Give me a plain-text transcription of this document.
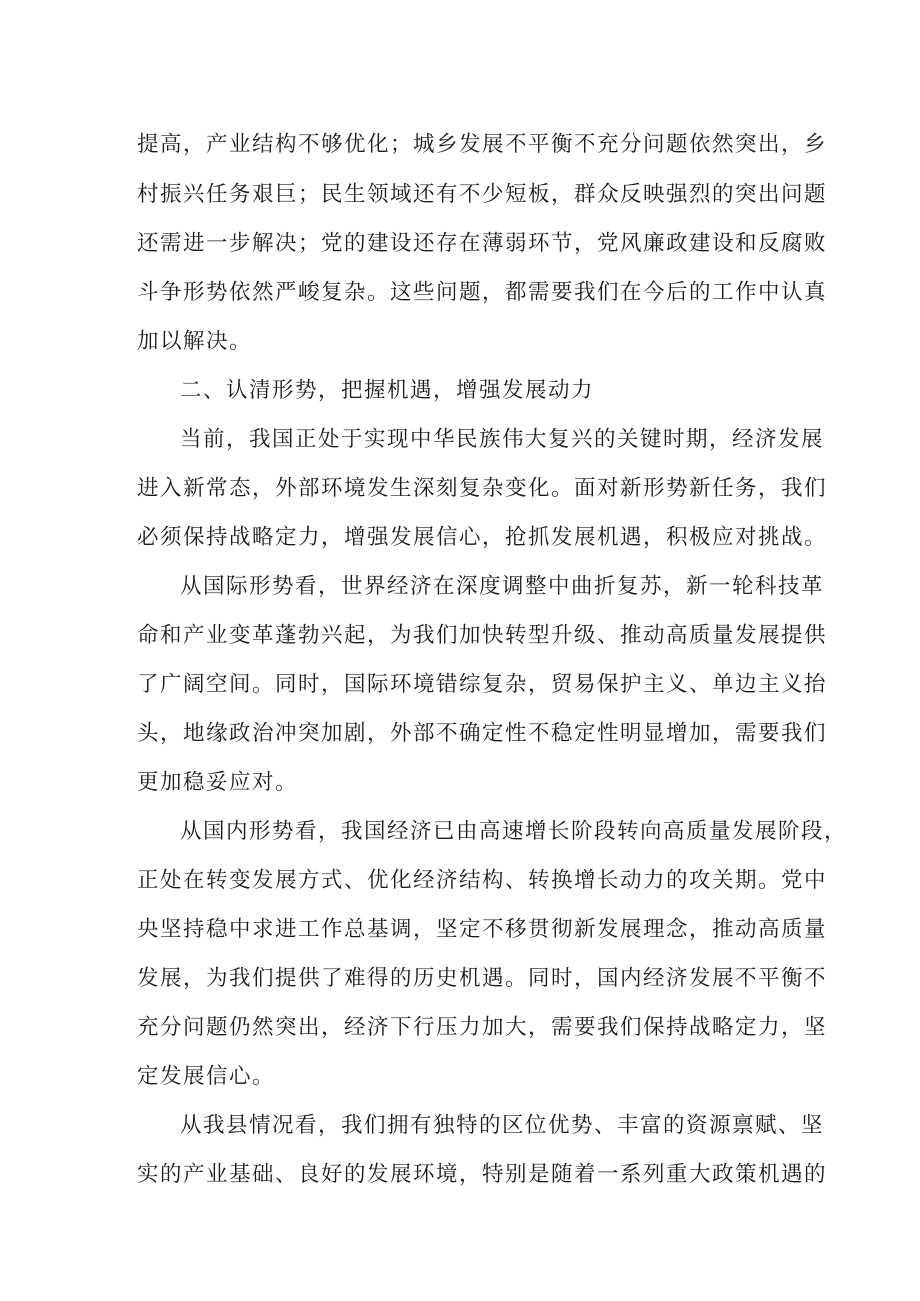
提高，产业结构不够优化；城乡发展不平衡不充分问题依然突出，乡
村振兴任务艰巨；民生领域还有不少短板，群众反映强烈的突出问题
还需进一步解决；党的建设还存在薄弱环节，党风廉政建设和反腐败
斗争形势依然严峻复杂。这些问题，都需要我们在今后的工作中认真
加以解决。
二、认清形势，把握机遇，增强发展动力
当前，我国正处于实现中华民族伟大复兴的关键时期，经济发展
进入新常态，外部环境发生深刻复杂变化。面对新形势新任务，我们
必须保持战略定力，增强发展信心，抢抓发展机遇，积极应对挑战。
从国际形势看，世界经济在深度调整中曲折复苏，新一轮科技革
命和产业变革蓬勃兴起，为我们加快转型升级、推动高质量发展提供
了广阔空间。同时，国际环境错综复杂，贸易保护主义、单边主义抬
头，地缘政治冲突加剧，外部不确定性不稳定性明显增加，需要我们
更加稳妥应对。
从国内形势看，我国经济已由高速增长阶段转向高质量发展阶段，
正处在转变发展方式、优化经济结构、转换增长动力的攻关期。党中
央坚持稳中求进工作总基调，坚定不移贯彻新发展理念，推动高质量
发展，为我们提供了难得的历史机遇。同时，国内经济发展不平衡不
充分问题仍然突出，经济下行压力加大，需要我们保持战略定力，坚
定发展信心。
从我县情况看，我们拥有独特的区位优势、丰富的资源禀赋、坚
实的产业基础、良好的发展环境，特别是随着一系列重大政策机遇的
